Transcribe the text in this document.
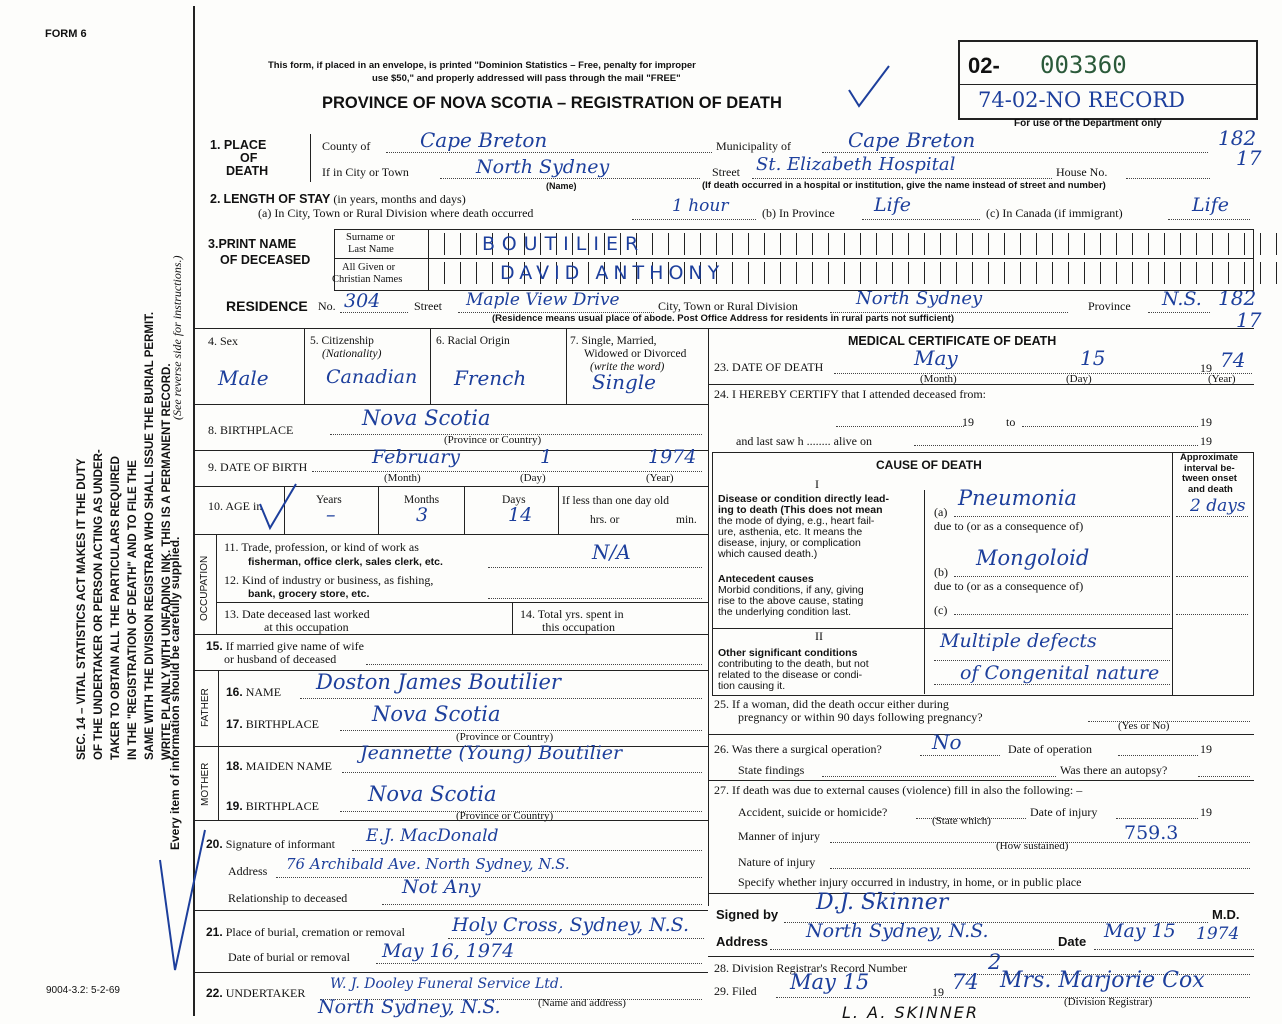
FORM 6
SEC. 14 – VITAL STATISTICS ACT MAKES IT THE DUTY OF THE UNDERTAKER OR PERSON ACTING AS UNDER- TAKER TO OBTAIN ALL THE PARTICULARS REQUIRED IN THE "REGISTRATION OF DEATH" AND TO FILE THE SAME WITH THE DIVISION REGISTRAR WHO SHALL ISSUE THE BURIAL PERMIT. WRITE PLAINLY WITH UNFADING INK. THIS IS A PERMANENT RECORD.
Every item of information should be carefully supplied.
(See reverse side for instructions.)
9004-3.2: 5-2-69
This form, if placed in an envelope, is printed "Dominion Statistics – Free, penalty for improper
use $50," and properly addressed will pass through the mail "FREE"
PROVINCE OF NOVA SCOTIA – REGISTRATION OF DEATH
02- 003360
74-02-NO RECORD
For use of the Department only
182
17
182
17
1. PLACE
OF
DEATH
County of Cape Breton	Municipality of	Cape Breton
If in City or Town	North Sydney
(Name)
Street St. Elizabeth Hospital	House No.
(If death occurred in a hospital or institution, give the name instead of street and number)
2. LENGTH OF STAY (in years, months and days)
(a) In City, Town or Rural Division where death occurred	1 hour	(b) In Province Life	(c) In Canada (if immigrant)	Life
3.PRINT NAME
OF DECEASED
Surname or
Last Name
All Given or
Christian Names
BOUTILIER
DAVID ANTHONY
RESIDENCE No. 304	Street Maple View Drive	City, Town or Rural Division	North Sydney	Province N.S.
(Residence means usual place of abode. Post Office Address for residents in rural parts not sufficient)
4. Sex
Male
5. Citizenship
(Nationality)
Canadian
6. Racial Origin
French
7. Single, Married,
Widowed or Divorced
(write the word)
Single
8. BIRTHPLACE	Nova Scotia
(Province or Country)
9. DATE OF BIRTH	February	1	1974
(Month)	(Day)	(Year)
10. AGE in	Years	Months	Days
–	3	14
If less than one day old
hrs. or	min.
OCCUPATION
11. Trade, profession, or kind of work as
fisherman, office clerk, sales clerk, etc.	N/A
12. Kind of industry or business, as fishing,
bank, grocery store, etc.
13. Date deceased last worked
at this occupation
14. Total yrs. spent in
this occupation
15. If married give name of wife
or husband of deceased
FATHER
MOTHER
16. NAME Doston James Boutilier
17. BIRTHPLACE	Nova Scotia
(Province or Country)
18. MAIDEN NAME
Jeannette (Young) Boutilier
19. BIRTHPLACE Nova Scotia
(Province or Country)
20. Signature of informant E.J. MacDonald
Address 76 Archibald Ave. North Sydney, N.S.
Relationship to deceased	Not Any
21. Place of burial, cremation or removal Holy Cross, Sydney, N.S.
Date of burial or removal May 16, 1974
22. UNDERTAKER
W. J. Dooley Funeral Service Ltd.
North Sydney, N.S.	(Name and address)
MEDICAL CERTIFICATE OF DEATH
23. DATE OF DEATH	May	15	19 74
(Month)	(Day)	(Year)
24. I HEREBY CERTIFY that I attended deceased from:
19	to	19
and last saw h ........ alive on	19
CAUSE OF DEATH
I
Approximate
interval be-
tween onset
and death
Disease or condition directly lead-
ing to death (This does not mean
the mode of dying, e.g., heart fail-
ure, asthenia, etc. It means the
disease, injury, or complication
which caused death.)
(a)
Pneumonia	2 days
due to (or as a consequence of)
Antecedent causes
Morbid conditions, if any, giving
rise to the above cause, stating
the underlying condition last.
(b)
Mongoloid
due to (or as a consequence of)
(c)
II
Other significant conditions
contributing to the death, but not
related to the disease or condi-
tion causing it.
Multiple defects
of Congenital nature
25. If a woman, did the death occur either during
pregnancy or within 90 days following pregnancy?
(Yes or No)
26. Was there a surgical operation?	No	Date of operation	19
State findings	Was there an autopsy?
27. If death was due to external causes (violence) fill in also the following: –
Accident, suicide or homicide?	Date of injury	19
(State which)
Manner of injury	759.3
(How sustained)
Nature of injury
Specify whether injury occurred in industry, in home, or in public place
Signed by D.J. Skinner	M.D.
Address North Sydney, N.S.	Date May 15 1974
28. Division Registrar's Record Number	2
29. Filed May 15	19 74 Mrs. Marjorie Cox
(Division Registrar)
L. A. SKINNER
